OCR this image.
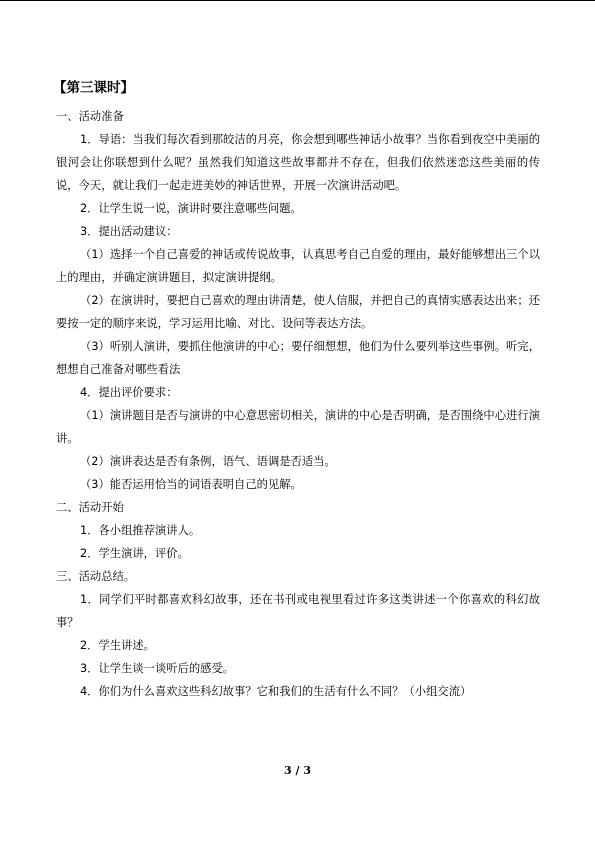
【第三课时】

一、活动准备

1．导语：当我们每次看到那皎洁的月亮，你会想到哪些神话小故事？当你看到夜空中美丽的银河会让你联想到什么呢？虽然我们知道这些故事都并不存在，但我们依然迷恋这些美丽的传说，今天，就让我们一起走进美妙的神话世界，开展一次演讲活动吧。

2．让学生说一说，演讲时要注意哪些问题。

3．提出活动建议：

（1）选择一个自己喜爱的神话或传说故事，认真思考自己自爱的理由，最好能够想出三个以上的理由，并确定演讲题目，拟定演讲提纲。

（2）在演讲时，要把自己喜欢的理由讲清楚，使人信服，并把自己的真情实感表达出来；还要按一定的顺序来说，学习运用比喻、对比、设问等表达方法。

（3）听别人演讲，要抓住他演讲的中心；要仔细想想，他们为什么要列举这些事例。听完，想想自己准备对哪些看法

4．提出评价要求：

（1）演讲题目是否与演讲的中心意思密切相关，演讲的中心是否明确，是否围绕中心进行演讲。

（2）演讲表达是否有条例，语气、语调是否适当。

（3）能否运用恰当的词语表明自己的见解。

二、活动开始

1．各小组推荐演讲人。

2．学生演讲，评价。

三、活动总结。

1．同学们平时都喜欢科幻故事，还在书刊或电视里看过许多这类讲述一个你喜欢的科幻故事？

2．学生讲述。

3．让学生谈一谈听后的感受。

4．你们为什么喜欢这些科幻故事？它和我们的生活有什么不同？（小组交流）

3 / 3
